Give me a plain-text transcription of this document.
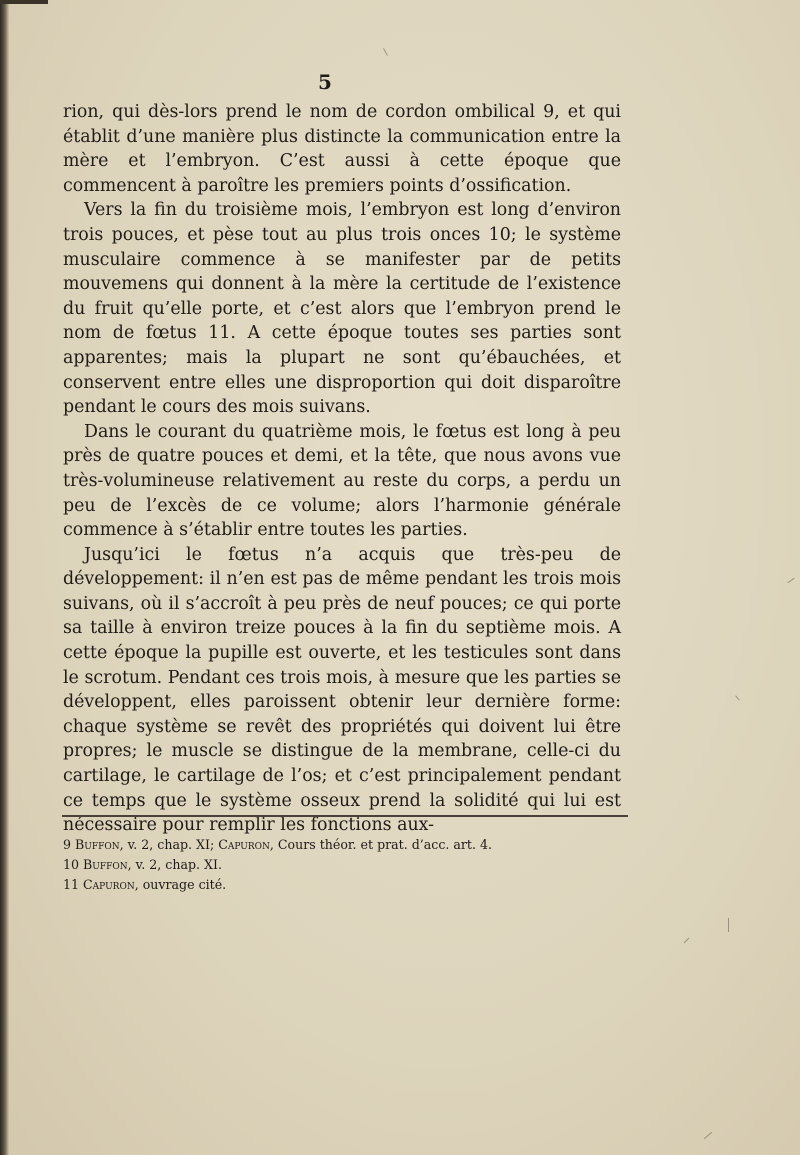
5

rion, qui dès-lors prend le nom de cordon ombilical 9, et qui établit d’une manière plus distincte la communication entre la mère et l’embryon. C’est aussi à cette époque que commencent à paroître les premiers points d’ossification.

Vers la fin du troisième mois, l’embryon est long d’environ trois pouces, et pèse tout au plus trois onces 10; le système musculaire commence à se manifester par de petits mouvemens qui donnent à la mère la certitude de l’existence du fruit qu’elle porte, et c’est alors que l’embryon prend le nom de fœtus 11. A cette époque toutes ses parties sont apparentes; mais la plupart ne sont qu’ébauchées, et conservent entre elles une disproportion qui doit disparoître pendant le cours des mois suivans.

Dans le courant du quatrième mois, le fœtus est long à peu près de quatre pouces et demi, et la tête, que nous avons vue très-volumineuse relativement au reste du corps, a perdu un peu de l’excès de ce volume; alors l’harmonie générale commence à s’établir entre toutes les parties.

Jusqu’ici le fœtus n’a acquis que très-peu de développement: il n’en est pas de même pendant les trois mois suivans, où il s’accroît à peu près de neuf pouces; ce qui porte sa taille à environ treize pouces à la fin du septième mois. A cette époque la pupille est ouverte, et les testicules sont dans le scrotum. Pendant ces trois mois, à mesure que les parties se développent, elles paroissent obtenir leur dernière forme: chaque système se revêt des propriétés qui doivent lui être propres; le muscle se distingue de la membrane, celle-ci du cartilage, le cartilage de l’os; et c’est principalement pendant ce temps que le système osseux prend la solidité qui lui est nécessaire pour remplir les fonctions aux-

9 Buffon, v. 2, chap. XI; Capuron, Cours théor. et prat. d’acc. art. 4.
10 Buffon, v. 2, chap. XI.
11 Capuron, ouvrage cité.
